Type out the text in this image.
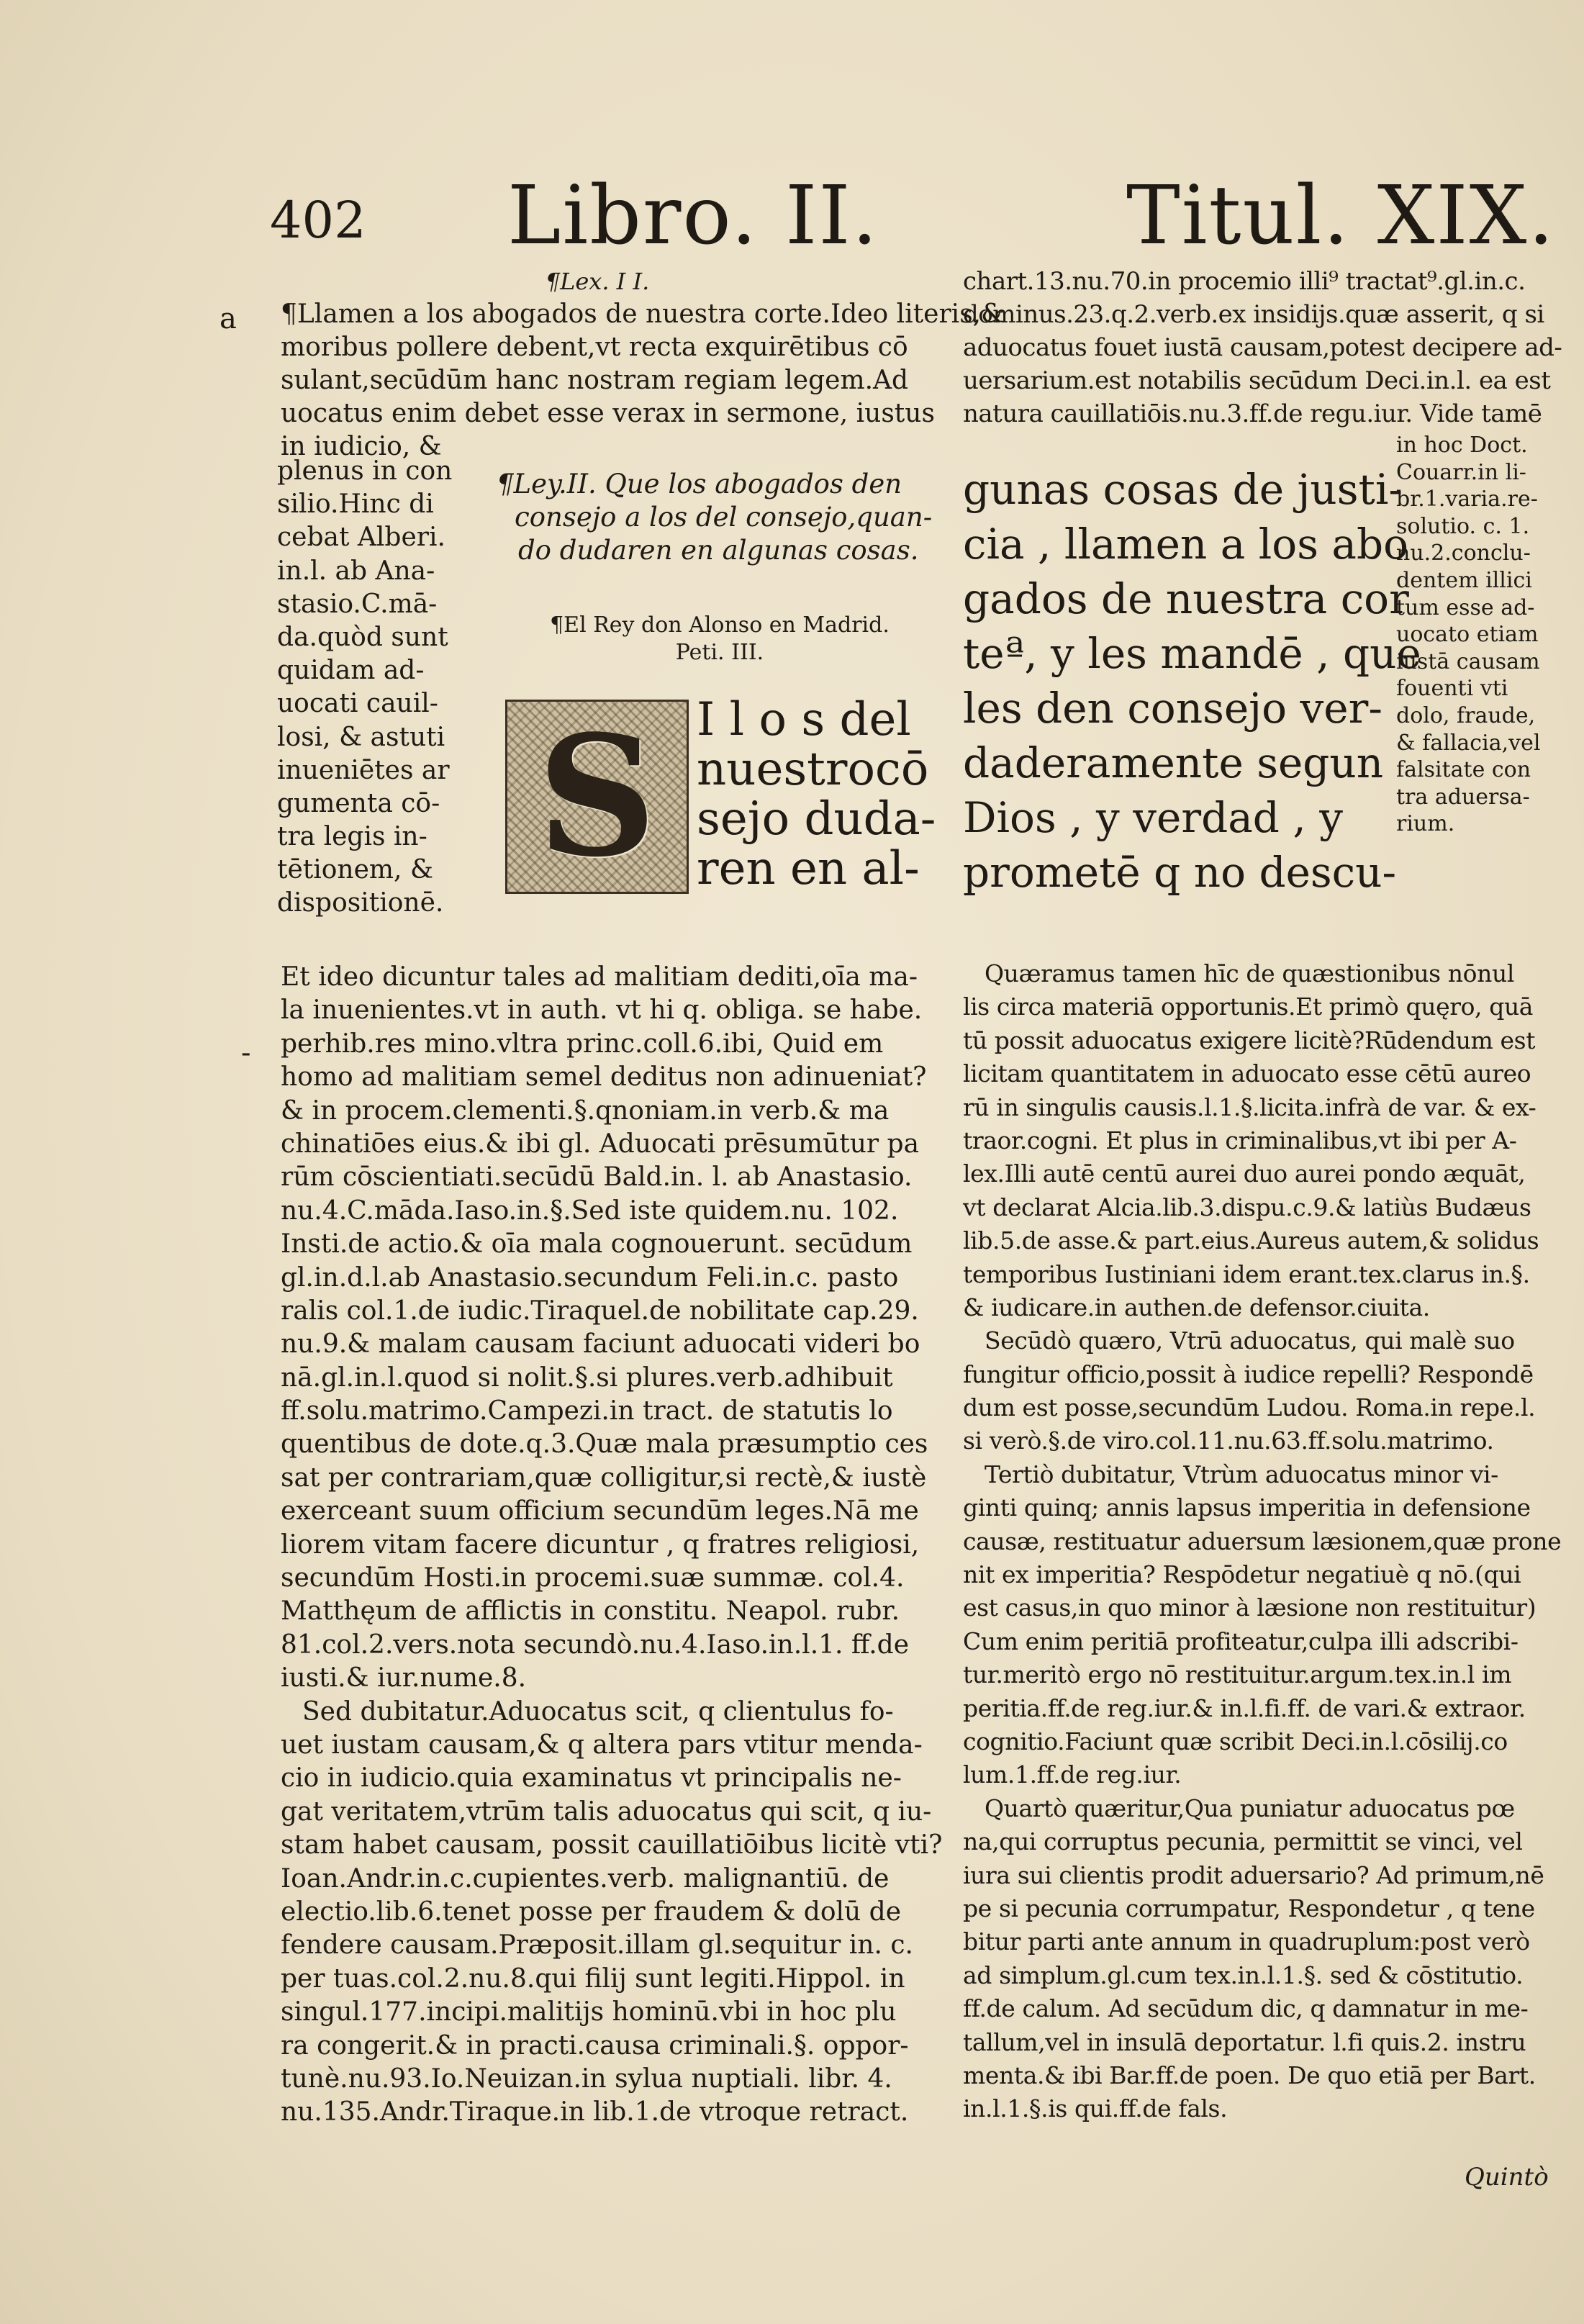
402 Libro. II.	Titul. XIX.
a
-
¶Lex. I I.
¶Llamen a los abogados de nuestra corte.Ideo literis,&
moribus pollere debent,vt recta exquirētibus cō
sulant,secūdūm hanc nostram regiam legem.Ad
uocatus enim debet esse verax in sermone, iustus
in iudicio, &
plenus in con
silio.Hinc di
cebat Alberi.
in.l. ab Ana-
stasio.C.mā-
da.quòd sunt
quidam ad-
uocati cauil-
losi, & astuti
inueniētes ar
gumenta cō-
tra legis in-
tētionem, &
dispositionē.
¶Ley.II. Que los abogados den
consejo a los del consejo,quan-
do dudaren en algunas cosas.
¶El Rey don Alonso en Madrid.
Peti. III.
S I l o s del
nuestrocō
sejo duda-
ren en al-
Et ideo dicuntur tales ad malitiam dediti,oīa ma-
la inuenientes.vt in auth. vt hi q. obliga. se habe.
perhib.res mino.vltra princ.coll.6.ibi, Quid em
homo ad malitiam semel deditus non adinueniat?
& in procem.clementi.§.qnoniam.in verb.& ma
chinatiōes eius.& ibi gl. Aduocati prēsumūtur pa
rūm cōscientiati.secūdū Bald.in. l. ab Anastasio.
nu.4.C.māda.Iaso.in.§.Sed iste quidem.nu. 102.
Insti.de actio.& oīa mala cognouerunt. secūdum
gl.in.d.l.ab Anastasio.secundum Feli.in.c. pasto
ralis col.1.de iudic.Tiraquel.de nobilitate cap.29.
nu.9.& malam causam faciunt aduocati videri bo
nā.gl.in.l.quod si nolit.§.si plures.verb.adhibuit
ff.solu.matrimo.Campezi.in tract. de statutis lo
quentibus de dote.q.3.Quæ mala præsumptio ces
sat per contrariam,quæ colligitur,si rectè,& iustè
exerceant suum officium secundūm leges.Nā me
liorem vitam facere dicuntur , q fratres religiosi,
secundūm Hosti.in procemi.suæ summæ. col.4.
Matthęum de afflictis in constitu. Neapol. rubr.
81.col.2.vers.nota secundò.nu.4.Iaso.in.l.1. ff.de
iusti.& iur.nume.8.
Sed dubitatur.Aduocatus scit, q clientulus fo-
uet iustam causam,& q altera pars vtitur menda-
cio in iudicio.quia examinatus vt principalis ne-
gat veritatem,vtrūm talis aduocatus qui scit, q iu-
stam habet causam, possit cauillatiōibus licitè vti?
Ioan.Andr.in.c.cupientes.verb. malignantiū. de
electio.lib.6.tenet posse per fraudem & dolū de
fendere causam.Præposit.illam gl.sequitur in. c.
per tuas.col.2.nu.8.qui filij sunt legiti.Hippol. in
singul.177.incipi.malitijs hominū.vbi in hoc plu
ra congerit.& in practi.causa criminali.§. oppor-
tunè.nu.93.Io.Neuizan.in sylua nuptiali. libr. 4.
nu.135.Andr.Tiraque.in lib.1.de vtroque retract.
chart.13.nu.70.in procemio illi⁹ tractat⁹.gl.in.c.
dominus.23.q.2.verb.ex insidijs.quæ asserit, q si
aduocatus fouet iustā causam,potest decipere ad-
uersarium.est notabilis secūdum Deci.in.l. ea est
natura cauillatiōis.nu.3.ff.de regu.iur. Vide tamē
gunas cosas de justi-
cia , llamen a los abo
gados de nuestra cor
teª, y les mandē , que
les den consejo ver-
daderamente segun
Dios , y verdad , y
prometē q no descu-
in hoc Doct.
Couarr.in li-
br.1.varia.re-
solutio. c. 1.
nu.2.conclu-
dentem illici
tum esse ad-
uocato etiam
iustā causam
fouenti vti
dolo, fraude,
& fallacia,vel
falsitate con
tra aduersa-
rium.
Quæramus tamen hīc de quæstionibus nōnul
lis circa materiā opportunis.Et primò quęro, quā
tū possit aduocatus exigere licitè?Rūdendum est
licitam quantitatem in aduocato esse cētū aureo
rū in singulis causis.l.1.§.licita.infrà de var. & ex-
traor.cogni. Et plus in criminalibus,vt ibi per A-
lex.Illi autē centū aurei duo aurei pondo æquāt,
vt declarat Alcia.lib.3.dispu.c.9.& latiùs Budæus
lib.5.de asse.& part.eius.Aureus autem,& solidus
temporibus Iustiniani idem erant.tex.clarus in.§.
& iudicare.in authen.de defensor.ciuita.
Secūdò quæro, Vtrū aduocatus, qui malè suo
fungitur officio,possit à iudice repelli? Respondē
dum est posse,secundūm Ludou. Roma.in repe.l.
si verò.§.de viro.col.11.nu.63.ff.solu.matrimo.
Tertiò dubitatur, Vtrùm aduocatus minor vi-
ginti quinq; annis lapsus imperitia in defensione
causæ, restituatur aduersum læsionem,quæ prone
nit ex imperitia? Respōdetur negatiuè q nō.(qui
est casus,in quo minor à læsione non restituitur)
Cum enim peritiā profiteatur,culpa illi adscribi-
tur.meritò ergo nō restituitur.argum.tex.in.l im
peritia.ff.de reg.iur.& in.l.fi.ff. de vari.& extraor.
cognitio.Faciunt quæ scribit Deci.in.l.cōsilij.co
lum.1.ff.de reg.iur.
Quartò quæritur,Qua puniatur aduocatus pœ
na,qui corruptus pecunia, permittit se vinci, vel
iura sui clientis prodit aduersario? Ad primum,nē
pe si pecunia corrumpatur, Respondetur , q tene
bitur parti ante annum in quadruplum:post verò
ad simplum.gl.cum tex.in.l.1.§. sed & cōstitutio.
ff.de calum. Ad secūdum dic, q damnatur in me-
tallum,vel in insulā deportatur. l.fi quis.2. instru
menta.& ibi Bar.ff.de poen. De quo etiā per Bart.
in.l.1.§.is qui.ff.de fals.
Quintò
